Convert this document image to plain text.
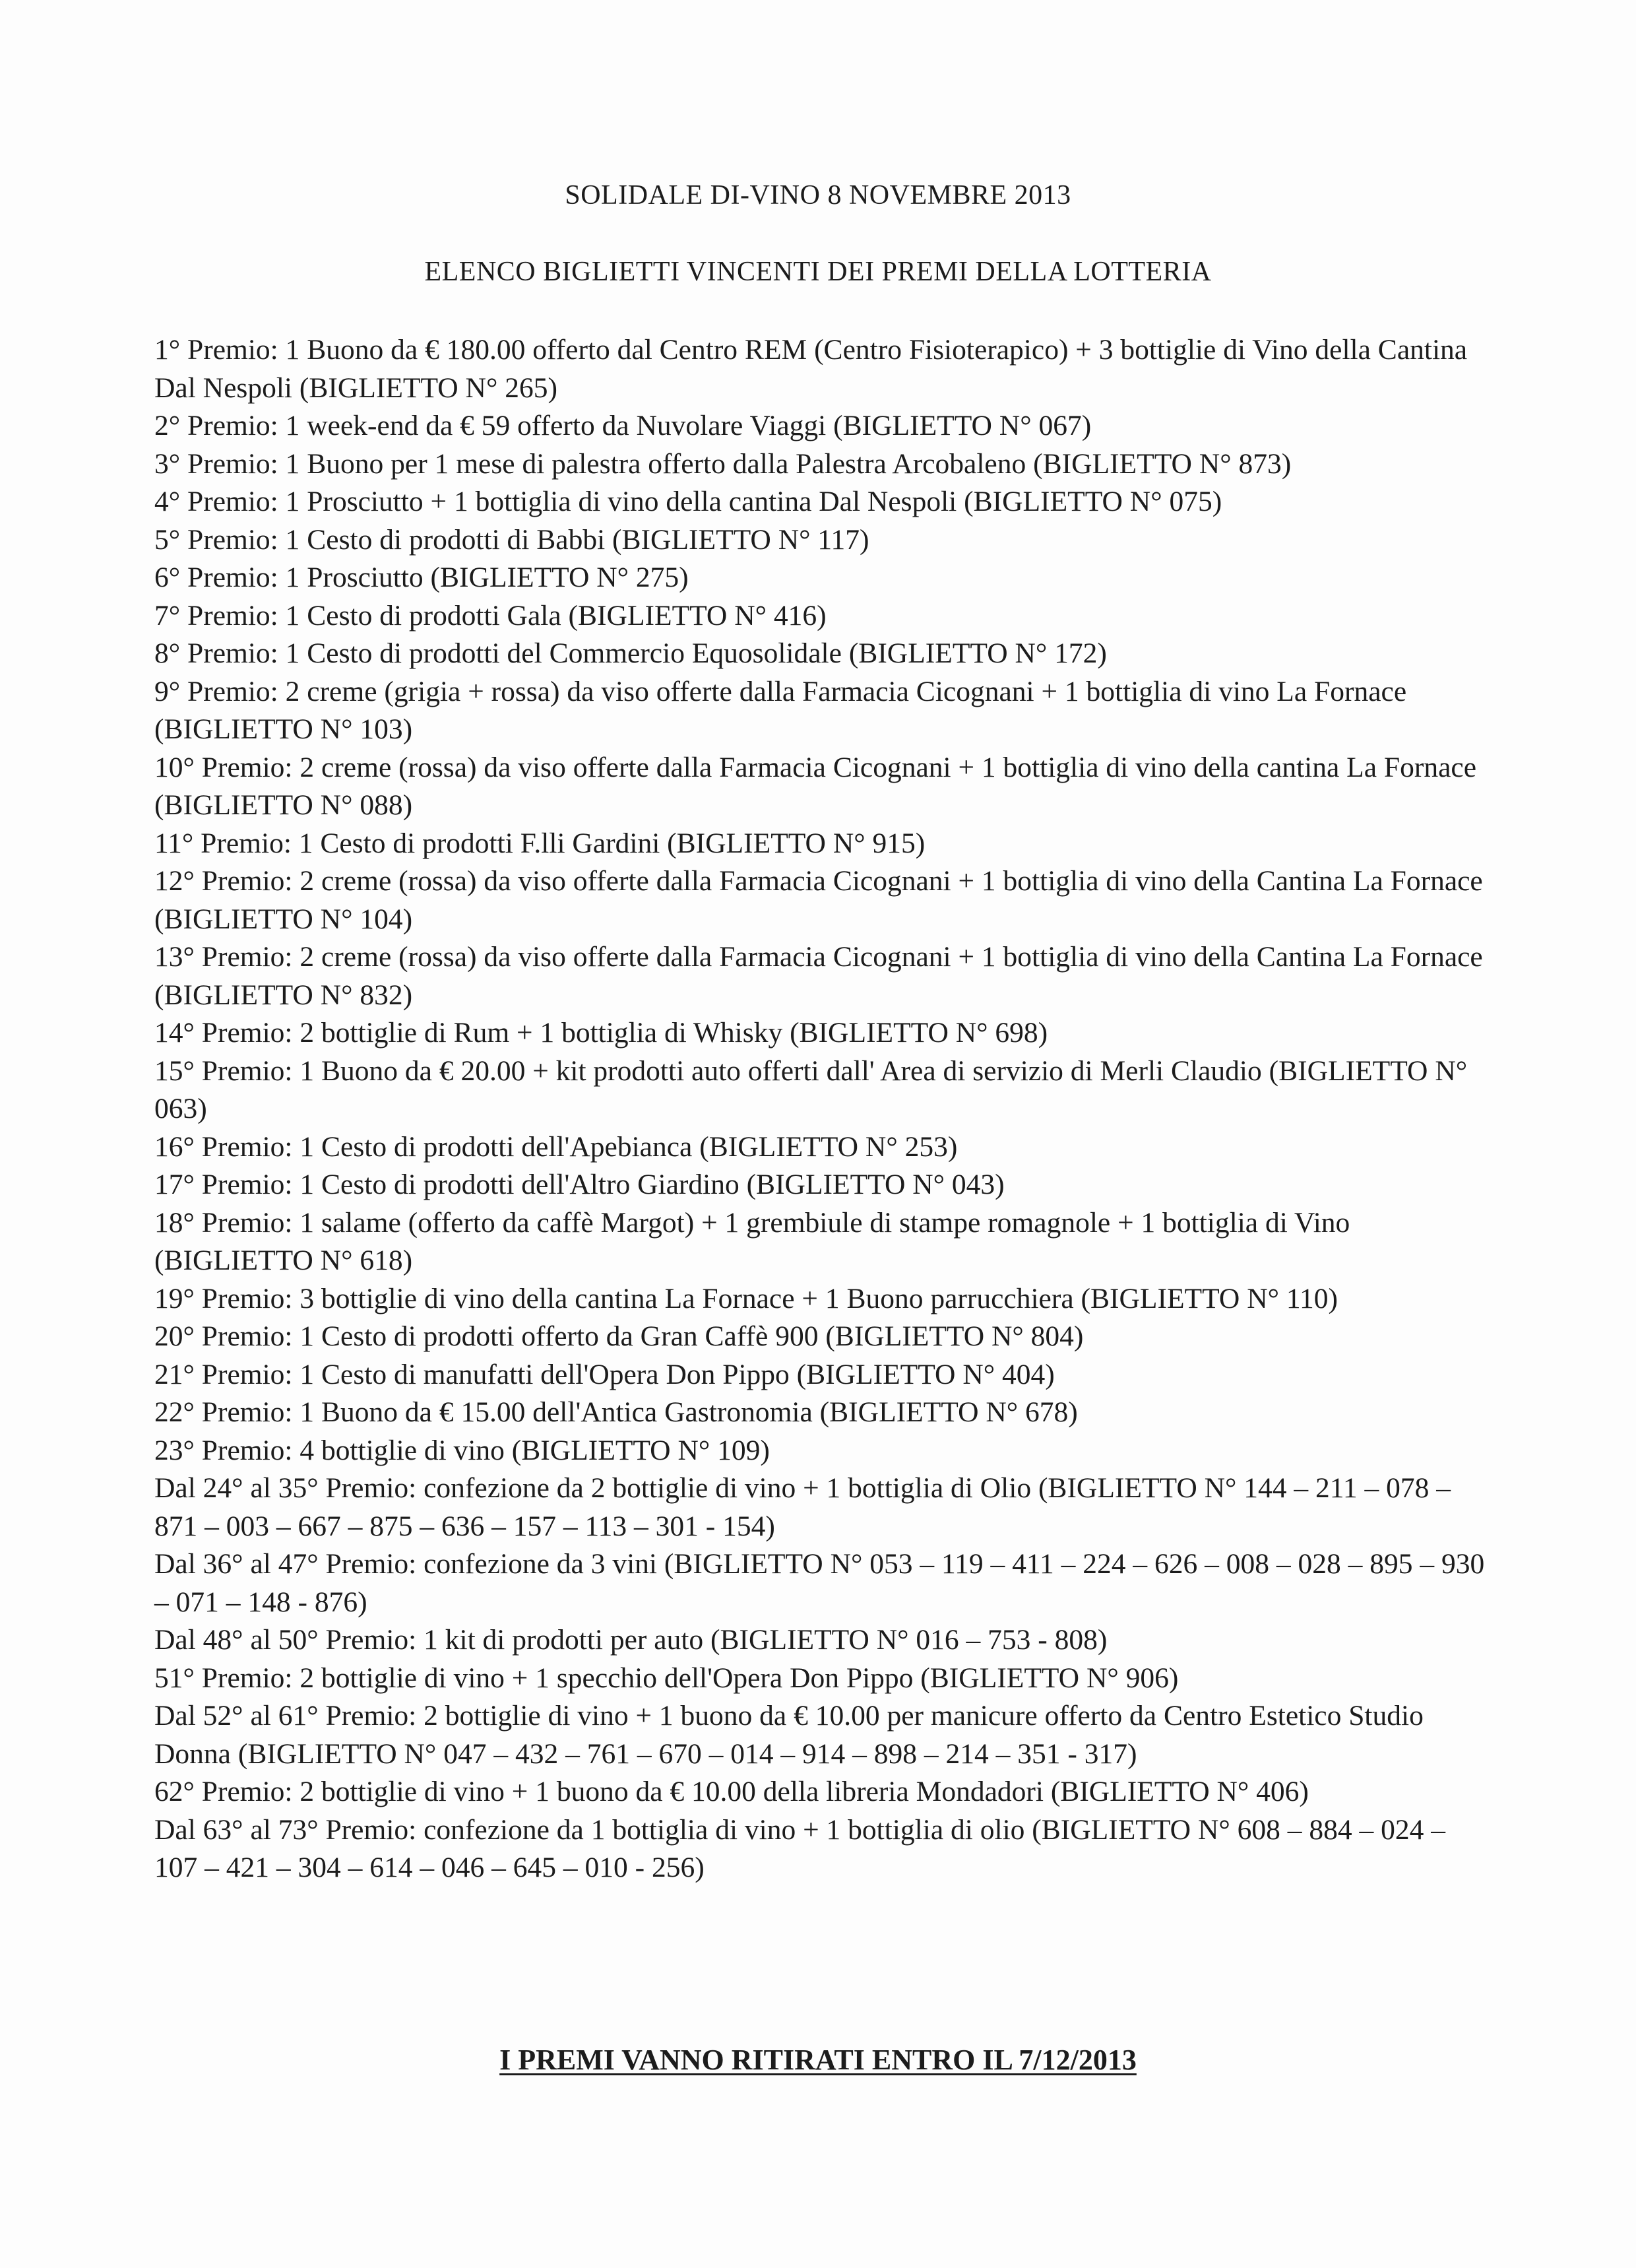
SOLIDALE DI-VINO 8 NOVEMBRE 2013
ELENCO BIGLIETTI VINCENTI DEI PREMI DELLA LOTTERIA

1° Premio: 1 Buono da € 180.00 offerto dal Centro REM (Centro Fisioterapico) + 3 bottiglie di Vino della Cantina Dal Nespoli (BIGLIETTO N° 265)

2° Premio: 1 week-end da € 59 offerto da Nuvolare Viaggi (BIGLIETTO N° 067)

3° Premio: 1 Buono per 1 mese di palestra offerto dalla Palestra Arcobaleno (BIGLIETTO N° 873)

4° Premio: 1 Prosciutto + 1 bottiglia di vino della cantina Dal Nespoli (BIGLIETTO N° 075)

5° Premio: 1 Cesto di prodotti di Babbi (BIGLIETTO N° 117)

6° Premio: 1 Prosciutto (BIGLIETTO N° 275)

7° Premio: 1 Cesto di prodotti Gala (BIGLIETTO N° 416)

8° Premio: 1 Cesto di prodotti del Commercio Equosolidale (BIGLIETTO N° 172)

9° Premio: 2 creme (grigia + rossa) da viso offerte dalla Farmacia Cicognani + 1 bottiglia di vino La Fornace (BIGLIETTO N° 103)

10° Premio: 2 creme (rossa) da viso offerte dalla Farmacia Cicognani + 1 bottiglia di vino della cantina La Fornace (BIGLIETTO N° 088)

11° Premio: 1 Cesto di prodotti F.lli Gardini (BIGLIETTO N° 915)

12° Premio: 2 creme (rossa) da viso offerte dalla Farmacia Cicognani + 1 bottiglia di vino della Cantina La Fornace (BIGLIETTO N° 104)

13° Premio: 2 creme (rossa) da viso offerte dalla Farmacia Cicognani + 1 bottiglia di vino della Cantina La Fornace (BIGLIETTO N° 832)

14° Premio: 2 bottiglie di Rum + 1 bottiglia di Whisky (BIGLIETTO N° 698)

15° Premio: 1 Buono da € 20.00 + kit prodotti auto offerti dall' Area di servizio di Merli Claudio (BIGLIETTO N° 063)

16° Premio: 1 Cesto di prodotti dell'Apebianca (BIGLIETTO N° 253)

17° Premio: 1 Cesto di prodotti dell'Altro Giardino (BIGLIETTO N° 043)

18° Premio: 1 salame (offerto da caffè Margot) + 1 grembiule di stampe romagnole + 1 bottiglia di Vino (BIGLIETTO N° 618)

19° Premio: 3 bottiglie di vino della cantina La Fornace + 1 Buono parrucchiera (BIGLIETTO N° 110)

20° Premio: 1 Cesto di prodotti offerto da Gran Caffè 900 (BIGLIETTO N° 804)

21° Premio: 1 Cesto di manufatti dell'Opera Don Pippo (BIGLIETTO N° 404)

22° Premio: 1 Buono da € 15.00 dell'Antica Gastronomia (BIGLIETTO N° 678)

23° Premio: 4 bottiglie di vino (BIGLIETTO N° 109)

Dal 24° al 35° Premio: confezione da 2 bottiglie di vino + 1 bottiglia di Olio (BIGLIETTO N° 144 – 211 – 078 – 871 – 003 – 667 – 875 – 636 – 157 – 113 – 301 - 154)

Dal 36° al 47° Premio: confezione da 3 vini (BIGLIETTO N° 053 – 119 – 411 – 224 – 626 – 008 – 028 – 895 – 930 – 071 – 148 - 876)

Dal 48° al 50° Premio: 1 kit di prodotti per auto (BIGLIETTO N° 016 – 753 - 808)

51° Premio: 2 bottiglie di vino + 1 specchio dell'Opera Don Pippo (BIGLIETTO N° 906)

Dal 52° al 61° Premio: 2 bottiglie di vino + 1 buono da € 10.00 per manicure offerto da Centro Estetico Studio Donna (BIGLIETTO N° 047 – 432 – 761 – 670 – 014 – 914 – 898 – 214 – 351 - 317)

62° Premio: 2 bottiglie di vino + 1 buono da € 10.00 della libreria Mondadori (BIGLIETTO N° 406)

Dal 63° al 73° Premio: confezione da 1 bottiglia di vino + 1 bottiglia di olio (BIGLIETTO N° 608 – 884 – 024 – 107 – 421 – 304 – 614 – 046 – 645 – 010 - 256)

I PREMI VANNO RITIRATI ENTRO IL 7/12/2013
